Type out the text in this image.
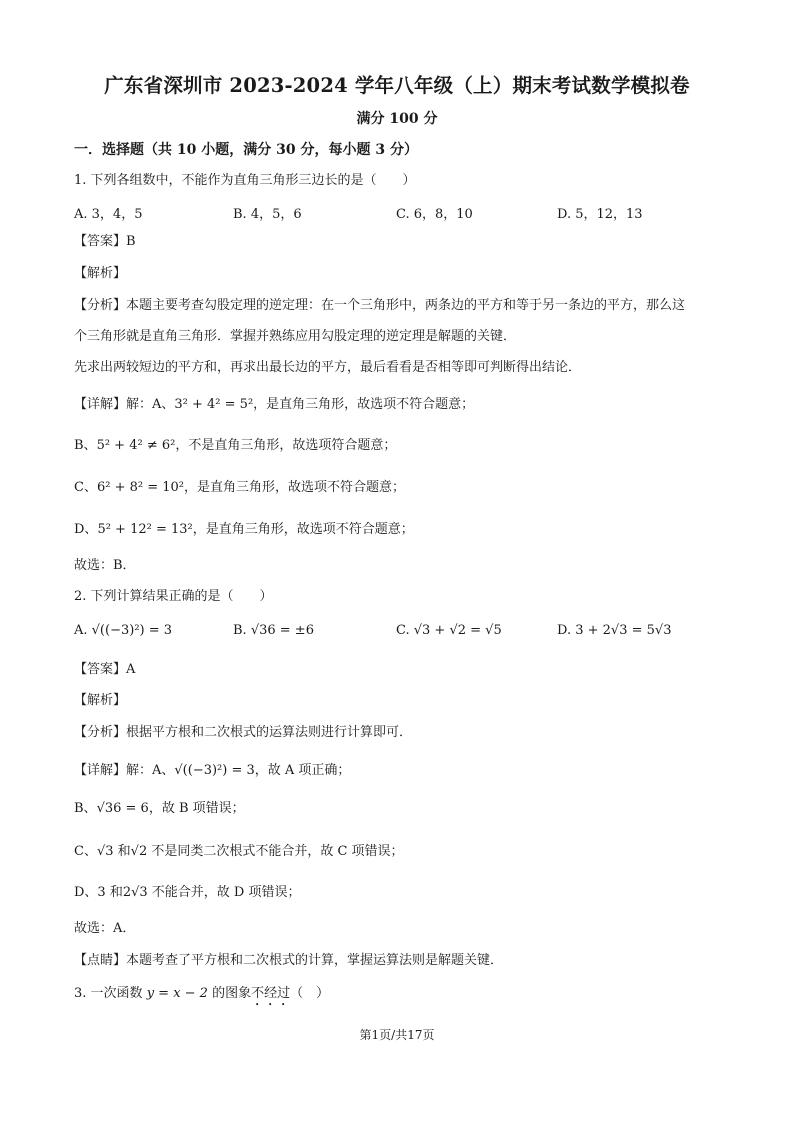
广东省深圳市 2023-2024 学年八年级（上）期末考试数学模拟卷
满分 100 分
一．选择题（共 10 小题，满分 30 分，每小题 3 分）
1. 下列各组数中，不能作为直角三角形三边长的是（　　）
A. 3，4，5	B. 4，5，6	C. 6，8，10	D. 5，12，13
【答案】B
【解析】
【分析】本题主要考查勾股定理的逆定理：在一个三角形中，两条边的平方和等于另一条边的平方，那么这
个三角形就是直角三角形．掌握并熟练应用勾股定理的逆定理是解题的关键．
先求出两较短边的平方和，再求出最长边的平方，最后看看是否相等即可判断得出结论．
【详解】解：A、3² + 4² = 5²，是直角三角形，故选项不符合题意；
B、5² + 4² ≠ 6²，不是直角三角形，故选项符合题意；
C、6² + 8² = 10²，是直角三角形，故选项不符合题意；
D、5² + 12² = 13²，是直角三角形，故选项不符合题意；
故选：B．
2. 下列计算结果正确的是（　　）
A. √((−3)²) = 3	B. √36 = ±6	C. √3 + √2 = √5	D. 3 + 2√3 = 5√3
【答案】A
【解析】
【分析】根据平方根和二次根式的运算法则进行计算即可．
【详解】解：A、√((−3)²) = 3，故 A 项正确；
B、√36 = 6，故 B 项错误；
C、√3 和√2 不是同类二次根式不能合并，故 C 项错误；
D、3 和2√3 不能合并，故 D 项错误；
故选：A．
【点睛】本题考查了平方根和二次根式的计算，掌握运算法则是解题关键．
3. 一次函数 y = x − 2 的图象不经过（　）
第1页/共17页
